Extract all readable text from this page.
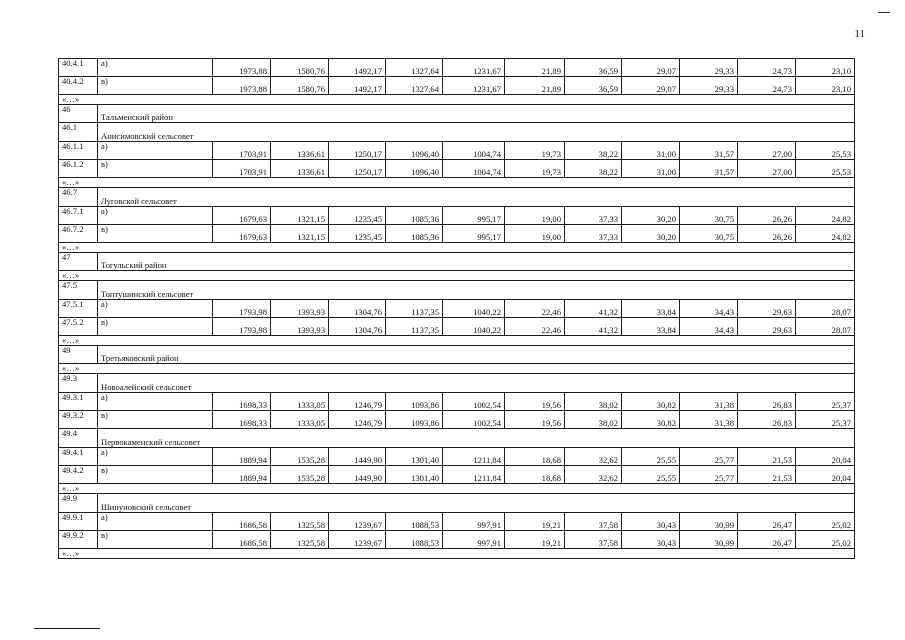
11
40.4.1	а)	1973,88	1580,76	1492,17	1327,64	1231,67	21,89	36,59	29,07	29,33	24,73	23,10
40.4.2	в)	1973,88	1580,76	1492,17	1327,64	1231,67	21,89	36,59	29,07	29,33	24,73	23,10
«…»												
46	Тальменский район											
46.1	Анисимовский сельсовет											
46.1.1	а)	1703,91	1336,61	1250,17	1096,40	1004,74	19,73	38,22	31,00	31,57	27,00	25,53
46.1.2	в)	1703,91	1336,61	1250,17	1096,40	1004,74	19,73	38,22	31,00	31,57	27,00	25,53
«…»												
46.7	Луговской сельсовет											
46.7.1	а)	1679,63	1321,15	1235,45	1085,36	995,17	19,00	37,33	30,20	30,75	26,26	24,82
46.7.2	в)	1679,63	1321,15	1235,45	1085,36	995,17	19,00	37,33	30,20	30,75	26,26	24,82
«…»												
47	Тогульский район											
«…»												
47.5	Топтушинский сельсовет											
47.5.1	а)	1793,98	1393,93	1304,76	1137,35	1040,22	22,46	41,32	33,84	34,43	29,63	28,07
47.5.2	в)	1793,98	1393,93	1304,76	1137,35	1040,22	22,46	41,32	33,84	34,43	29,63	28,07
«…»												
49	Третьяковский район											
«…»												
49.3	Новоалейский сельсовет											
49.3.1	а)	1698,33	1333,05	1246,79	1093,86	1002,54	19,56	38,02	30,82	31,38	26,83	25,37
49.3.2	в)	1698,33	1333,05	1246,79	1093,86	1002,54	19,56	38,02	30,82	31,38	26,83	25,37
49.4	Первокаменский сельсовет											
49.4.1	а)	1889,94	1535,28	1449,90	1301,40	1211,84	18,68	32,62	25,55	25,77	21,53	20,04
49.4.2	в)	1889,94	1535,28	1449,90	1301,40	1211,84	18,68	32,62	25,55	25,77	21,53	20,04
«…»												
49.9	Шипуновский сельсовет											
49.9.1	а)	1686,58	1325,58	1239,67	1088,53	997,91	19,21	37,58	30,43	30,99	26,47	25,02
49.9.2	в)	1686,58	1325,58	1239,67	1088,53	997,91	19,21	37,58	30,43	30,99	26,47	25,02
«…»												
